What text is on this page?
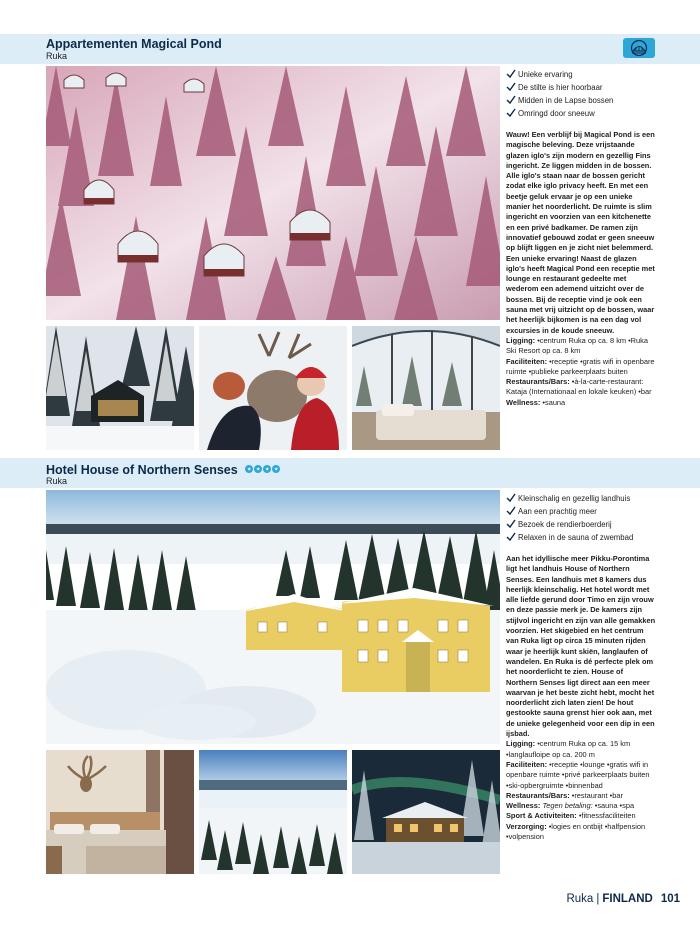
Appartementen Magical Pond
Ruka
Unieke ervaring
De stilte is hier hoorbaar
Midden in de Lapse bossen
Omringd door sneeuw

Wauw! Een verblijf bij Magical Pond is een magische beleving. Deze vrijstaande glazen iglo's zijn modern en gezellig Fins ingericht. Ze liggen midden in de bossen. Alle iglo's staan naar de bossen gericht zodat elke iglo privacy heeft. En met een beetje geluk ervaar je op een unieke manier het noorderlicht. De ruimte is slim ingericht en voorzien van een kitchenette en een privé badkamer. De ramen zijn innovatief gebouwd zodat er geen sneeuw op blijft liggen en je zicht niet belemmerd. Een unieke ervaring! Naast de glazen iglo's heeft Magical Pond een receptie met lounge en restaurant gedeelte met wederom een ademend uitzicht over de bossen. Bij de receptie vind je ook een sauna met vrij uitzicht op de bossen, waar het heerlijk bijkomen is na een dag vol excursies in de koude sneeuw.

Ligging: •centrum Ruka op ca. 8 km •Ruka Ski Resort op ca. 8 km
Faciliteiten: •receptie •gratis wifi in openbare ruimte •publieke parkeerplaats buiten Restaurants/Bars: •à-la-carte-restaurant: Kataja (Internationaal en lokale keuken) •bar Wellness: •sauna

Hotel House of Northern Senses
Ruka
Kleinschalig en gezellig landhuis
Aan een prachtig meer
Bezoek de rendierboerderij
Relaxen in de sauna of zwembad

Aan het idyllische meer Pikku-Porontima ligt het landhuis House of Northern Senses. Een landhuis met 8 kamers dus heerlijk kleinschalig. Het hotel wordt met alle liefde gerund door Timo en zijn vrouw en deze passie merk je. De kamers zijn stijlvol ingericht en zijn van alle gemakken voorzien. Het skigebied en het centrum van Ruka ligt op circa 15 minuten rijden waar je heerlijk kunt skiën, langlaufen of wandelen. En Ruka is dé perfecte plek om het noorderlicht te zien. House of Northern Senses ligt direct aan een meer waarvan je het beste zicht hebt, mocht het noorderlicht zich laten zien! De hout gestookte sauna grenst hier ook aan, met de unieke gelegenheid voor een dip in een ijsbad.

Ligging: •centrum Ruka op ca. 15 km •langlaufloipe op ca. 200 m
Faciliteiten: •receptie •lounge •gratis wifi in openbare ruimte •privé parkeerplaats buiten •ski-opbergruimte •binnenbad
Restaurants/Bars: •restaurant •bar
Wellness: Tegen betaling: •sauna •spa
Sport & Activiteiten: •fitnessfaciliteiten
Verzorging: •logies en ontbijt •halfpension •volpension

Ruka | FINLAND 101
